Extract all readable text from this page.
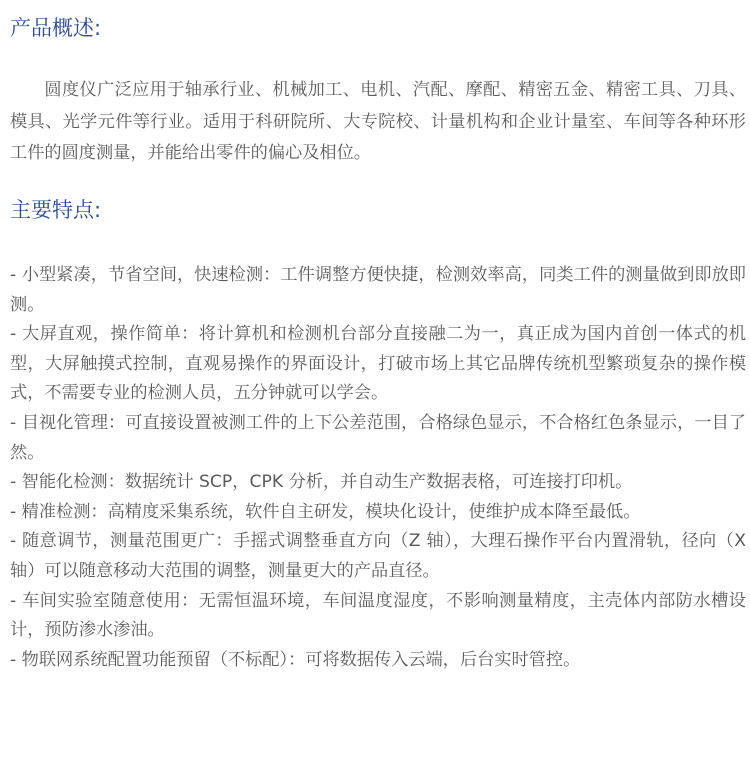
产品概述:

圆度仪广泛应用于轴承行业、机械加工、电机、汽配、摩配、精密五金、精密工具、刀具、模具、光学元件等行业。适用于科研院所、大专院校、计量机构和企业计量室、车间等各种环形工件的圆度测量，并能给出零件的偏心及相位。

主要特点:
- 小型紧凑，节省空间，快速检测：工件调整方便快捷，检测效率高，同类工件的测量做到即放即测。
- 大屏直观，操作简单：将计算机和检测机台部分直接融二为一，真正成为国内首创一体式的机型，大屏触摸式控制，直观易操作的界面设计，打破市场上其它品牌传统机型繁琐复杂的操作模式，不需要专业的检测人员，五分钟就可以学会。
- 目视化管理：可直接设置被测工件的上下公差范围，合格绿色显示，不合格红色条显示，一目了然。
- 智能化检测：数据统计 SCP，CPK 分析，并自动生产数据表格，可连接打印机。
- 精准检测：高精度采集系统，软件自主研发，模块化设计，使维护成本降至最低。
- 随意调节，测量范围更广：手摇式调整垂直方向（Z 轴），大理石操作平台内置滑轨，径向（X 轴）可以随意移动大范围的调整，测量更大的产品直径。
- 车间实验室随意使用：无需恒温环境，车间温度湿度，不影响测量精度，主壳体内部防水槽设计，预防渗水渗油。
- 物联网系统配置功能预留（不标配）：可将数据传入云端，后台实时管控。
